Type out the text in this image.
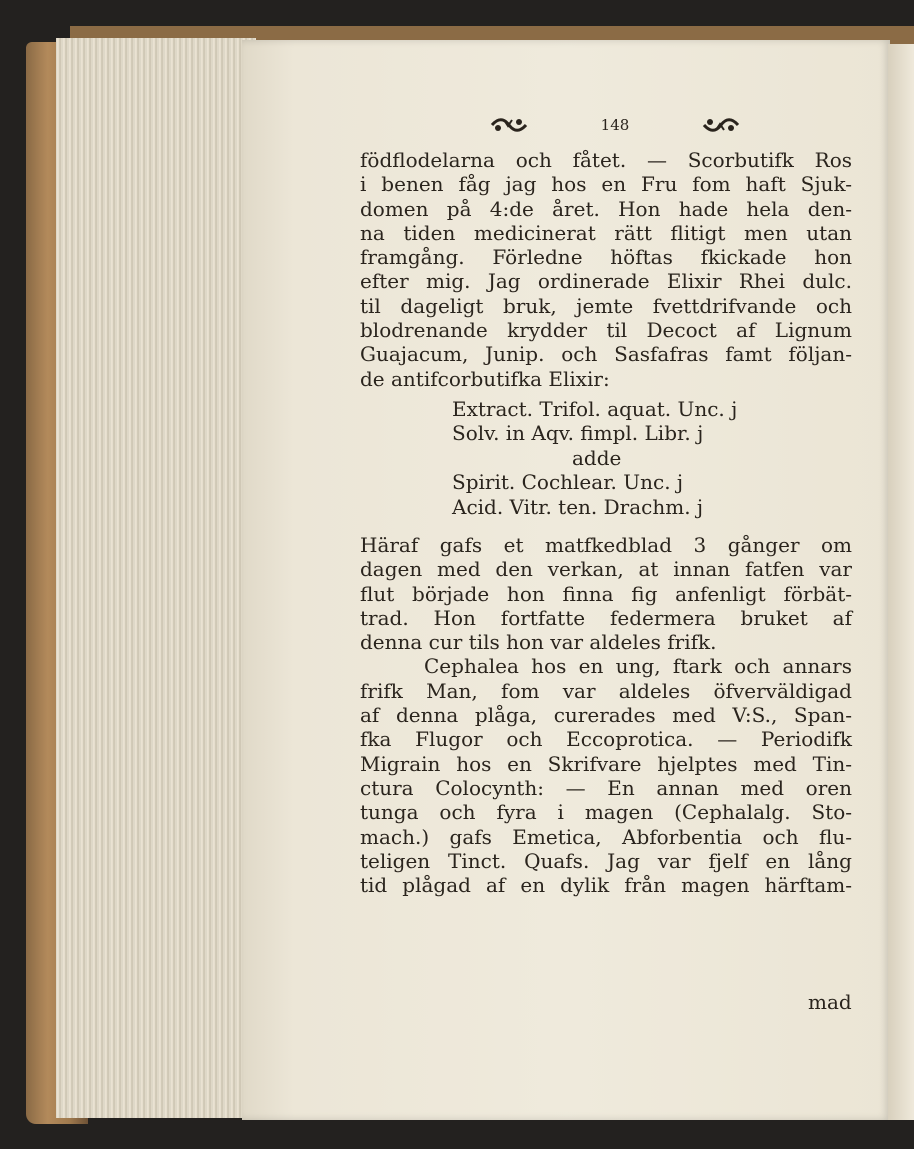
148

födflodelarna och fåtet. — Scorbutifk Ros
i benen fåg jag hos en Fru fom haft Sjuk-
domen på 4:de året. Hon hade hela den-
na tiden medicinerat rätt flitigt men utan
framgång. Förledne höftas fkickade hon
efter mig. Jag ordinerade Elixir Rhei dulc.
til dageligt bruk, jemte fvettdrifvande och
blodrenande krydder til Decoct af Lignum
Guajacum, Junip. och Sasfafras famt följan-
de antifcorbutifka Elixir:

Extract. Trifol. aquat. Unc. j
Solv. in Aqv. fimpl. Libr. j
adde
Spirit. Cochlear. Unc. j
Acid. Vitr. ten. Drachm. j

Häraf gafs et matfkedblad 3 gånger om
dagen med den verkan, at innan fatfen var
flut började hon finna fig anfenligt förbät-
trad. Hon fortfatte federmera bruket af
denna cur tils hon var aldeles frifk.

Cephalea hos en ung, ftark och annars
frifk Man, fom var aldeles öfverväldigad
af denna plåga, curerades med V:S., Span-
fka Flugor och Eccoprotica. — Periodifk
Migrain hos en Skrifvare hjelptes med Tin-
ctura Colocynth: — En annan med oren
tunga och fyra i magen (Cephalalg. Sto-
mach.) gafs Emetica, Abforbentia och flu-
teligen Tinct. Quafs. Jag var fjelf en lång
tid plågad af en dylik från magen härftam-

mad
